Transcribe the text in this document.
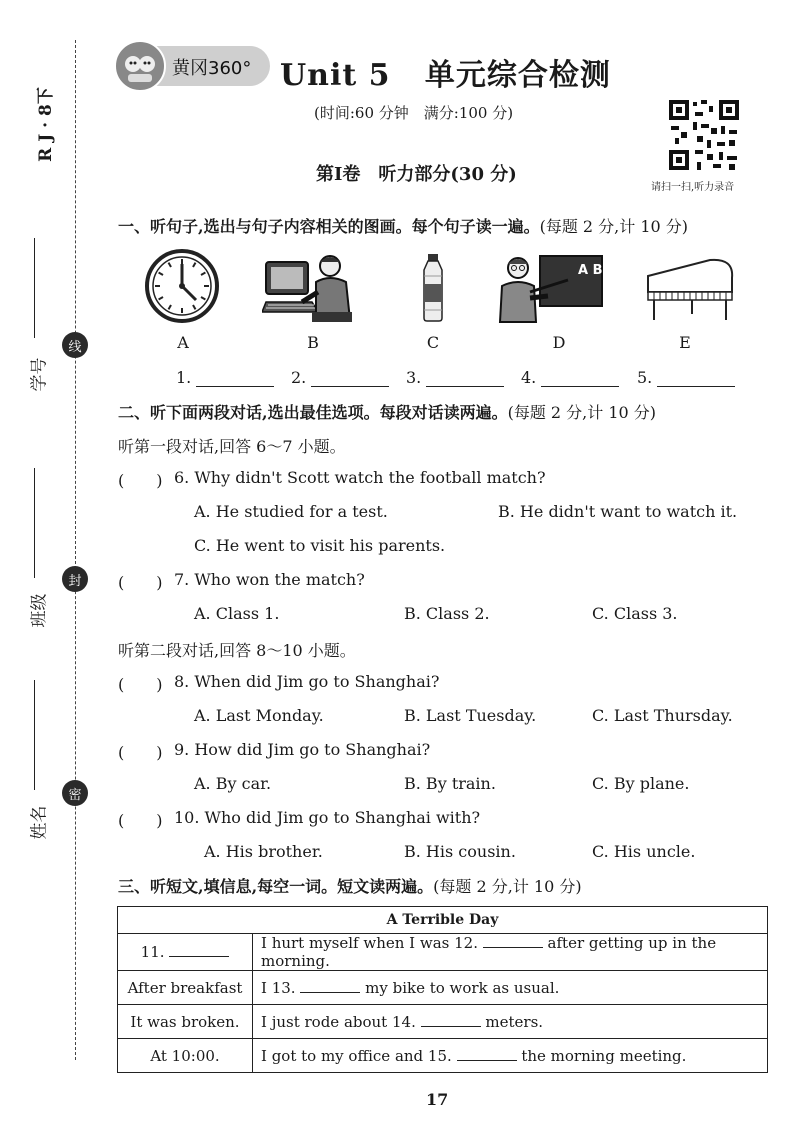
R J · 8下
线
封
密
学号
班级
姓名
黄冈360° Unit 5 单元综合检测
(时间:60 分钟　满分:100 分)
请扫一扫,听力录音
第Ⅰ卷　听力部分(30 分)
一、听句子,选出与句子内容相关的图画。每个句子读一遍。(每题 2 分,计 10 分)
A B
A	B	C	D	E
1.	2.	3.	4.	5.
二、听下面两段对话,选出最佳选项。每段对话读两遍。(每题 2 分,计 10 分)
听第一段对话,回答 6～7 小题。
(　　) 6. Why didn't Scott watch the football match?
A. He studied for a test.	B. He didn't want to watch it.
C. He went to visit his parents.
(　　) 7. Who won the match?
A. Class 1.	B. Class 2.	C. Class 3.
听第二段对话,回答 8～10 小题。
(　　) 8. When did Jim go to Shanghai?
A. Last Monday.	B. Last Tuesday.	C. Last Thursday.
(　　) 9. How did Jim go to Shanghai?
A. By car.	B. By train.	C. By plane.
(　　) 10. Who did Jim go to Shanghai with?
A. His brother.	B. His cousin.	C. His uncle.
三、听短文,填信息,每空一词。短文读两遍。(每题 2 分,计 10 分)
A Terrible Day	
11.	I hurt myself when I was 12. after getting up in the morning.
After breakfast	I 13. my bike to work as usual.
It was broken.	I just rode about 14. meters.
At 10:00.	I got to my office and 15. the morning meeting.
17
